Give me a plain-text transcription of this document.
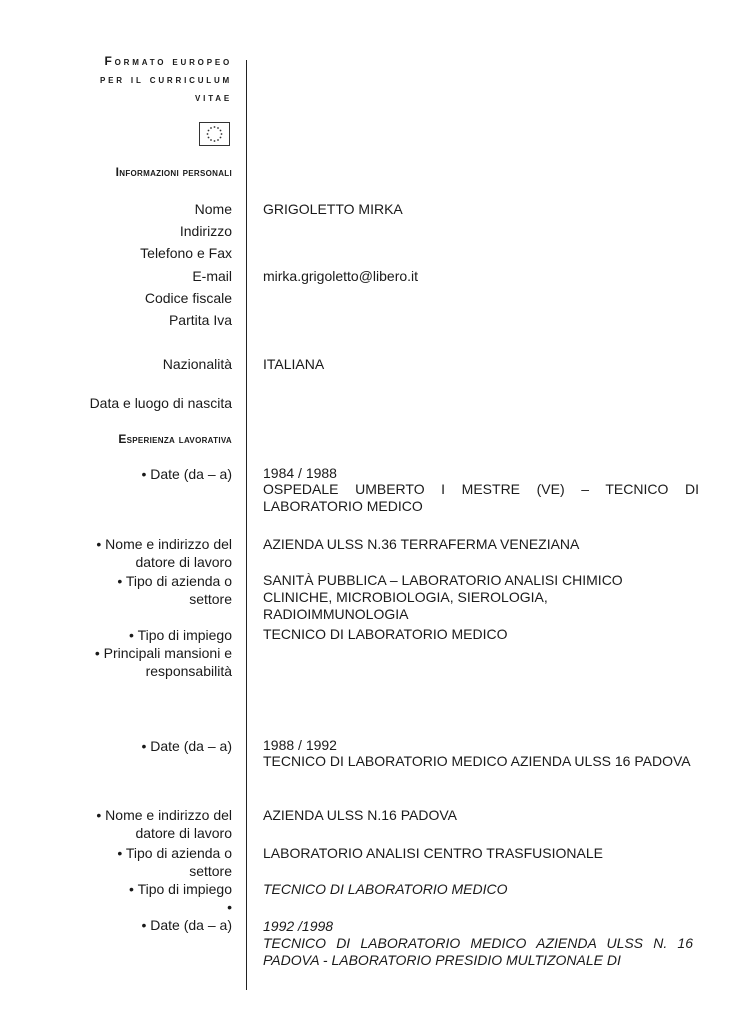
Formato europeo
per il curriculum
vitae
Informazioni personali
Nome GRIGOLETTO MIRKA
Indirizzo
Telefono e Fax
E-mail mirka.grigoletto@libero.it
Codice fiscale
Partita Iva
Nazionalità ITALIANA
Data e luogo di nascita
Esperienza lavorativa
• Date (da – a) 1984 / 1988
OSPEDALE UMBERTO I MESTRE (VE) – TECNICO DI LABORATORIO MEDICO
• Nome e indirizzo del
datore di lavoro
AZIENDA ULSS N.36 TERRAFERMA VENEZIANA
• Tipo di azienda o
settore
SANITÀ PUBBLICA – LABORATORIO ANALISI CHIMICO CLINICHE, MICROBIOLOGIA, SIEROLOGIA, RADIOIMMUNOLOGIA
• Tipo di impiego TECNICO DI LABORATORIO MEDICO
• Principali mansioni e
responsabilità
• Date (da – a) 1988 / 1992
TECNICO DI LABORATORIO MEDICO AZIENDA ULSS 16 PADOVA
• Nome e indirizzo del
datore di lavoro
AZIENDA ULSS N.16 PADOVA
• Tipo di azienda o
settore
LABORATORIO ANALISI CENTRO TRASFUSIONALE
• Tipo di impiego TECNICO DI LABORATORIO MEDICO
•
• Date (da – a) 1992 /1998
TECNICO DI LABORATORIO MEDICO AZIENDA ULSS N. 16 PADOVA - LABORATORIO PRESIDIO MULTIZONALE DI
